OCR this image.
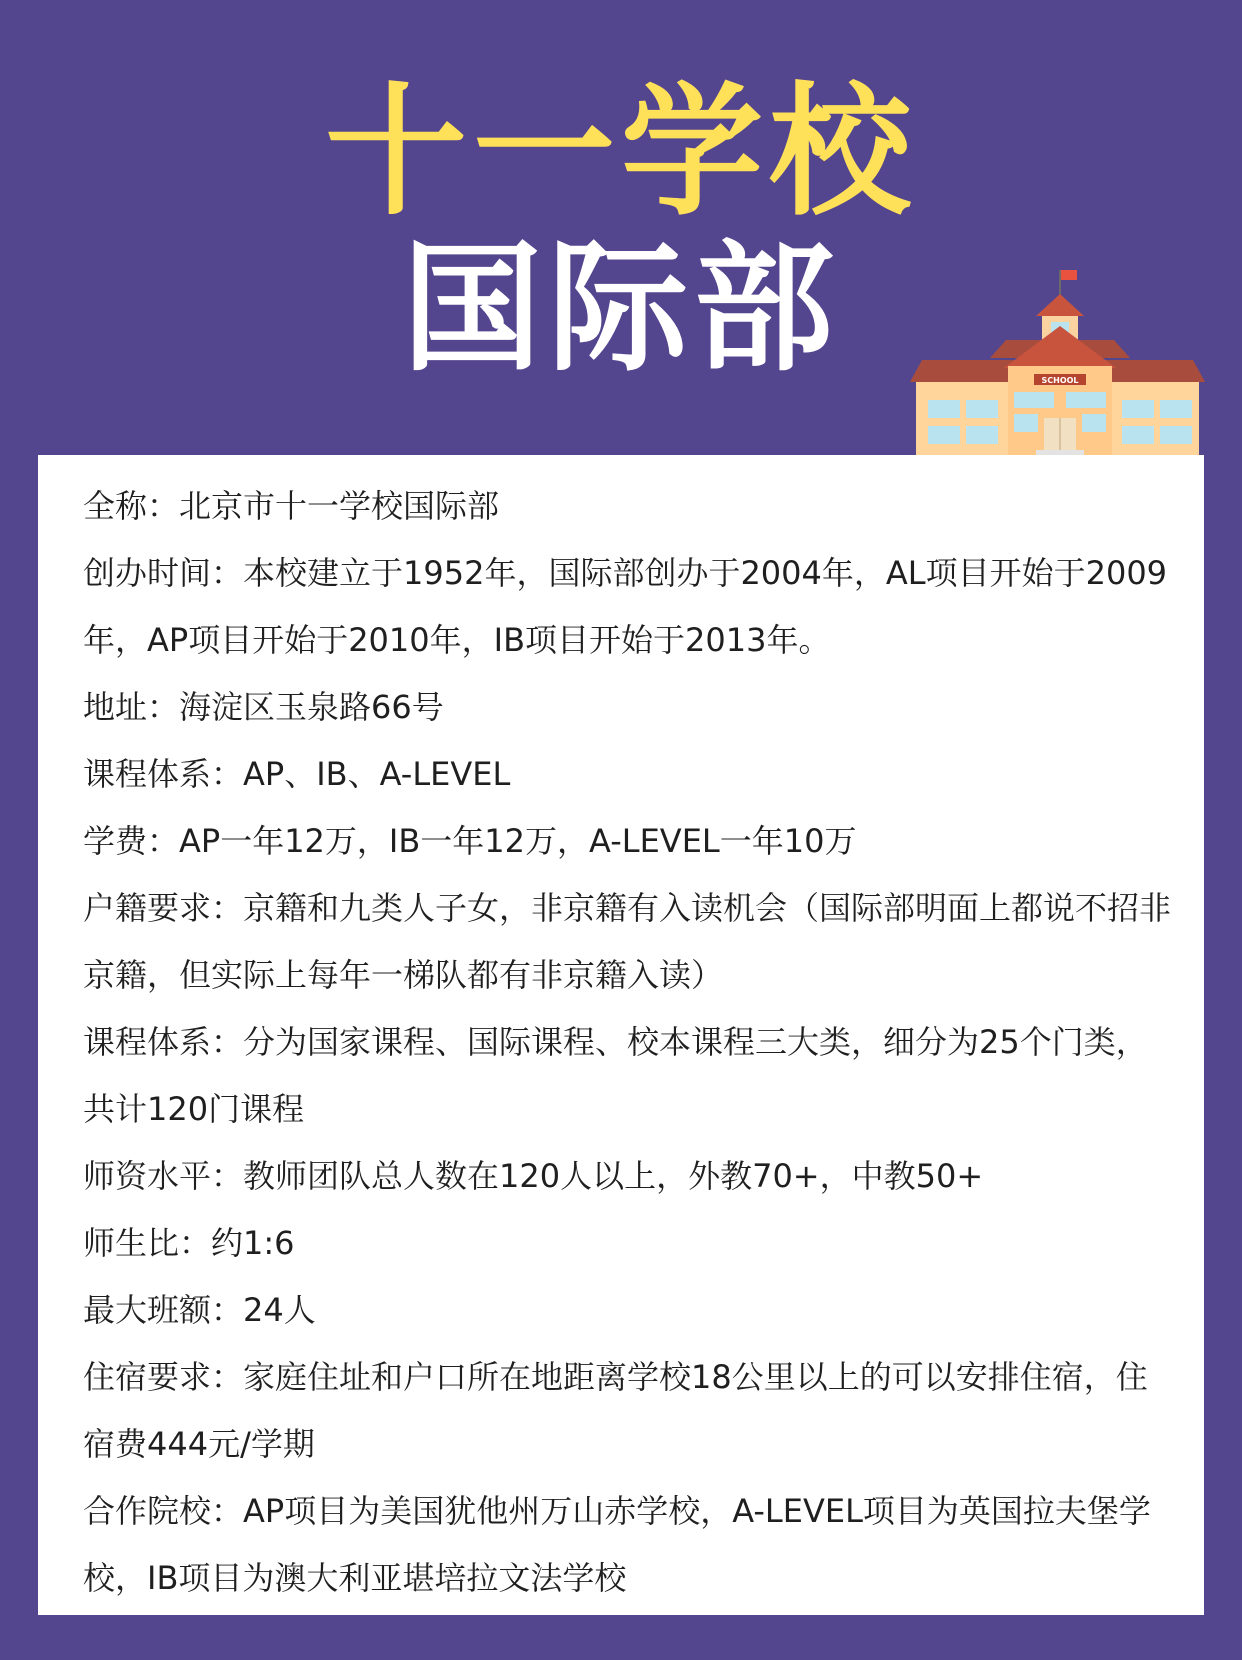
十一学校
国际部	SCHOOL

全称：北京市十一学校国际部

创办时间：本校建立于1952年，国际部创办于2004年，AL项目开始于2009年，AP项目开始于2010年，IB项目开始于2013年。

地址：海淀区玉泉路66号

课程体系：AP、IB、A-LEVEL

学费：AP一年12万，IB一年12万，A-LEVEL一年10万

户籍要求：京籍和九类人子女，非京籍有入读机会（国际部明面上都说不招非京籍，但实际上每年一梯队都有非京籍入读）

课程体系：分为国家课程、国际课程、校本课程三大类，细分为25个门类，共计120门课程

师资水平：教师团队总人数在120人以上，外教70+，中教50+

师生比：约1:6

最大班额：24人

住宿要求：家庭住址和户口所在地距离学校18公里以上的可以安排住宿，住宿费444元/学期

合作院校：AP项目为美国犹他州万山赤学校，A-LEVEL项目为英国拉夫堡学校，IB项目为澳大利亚堪培拉文法学校
